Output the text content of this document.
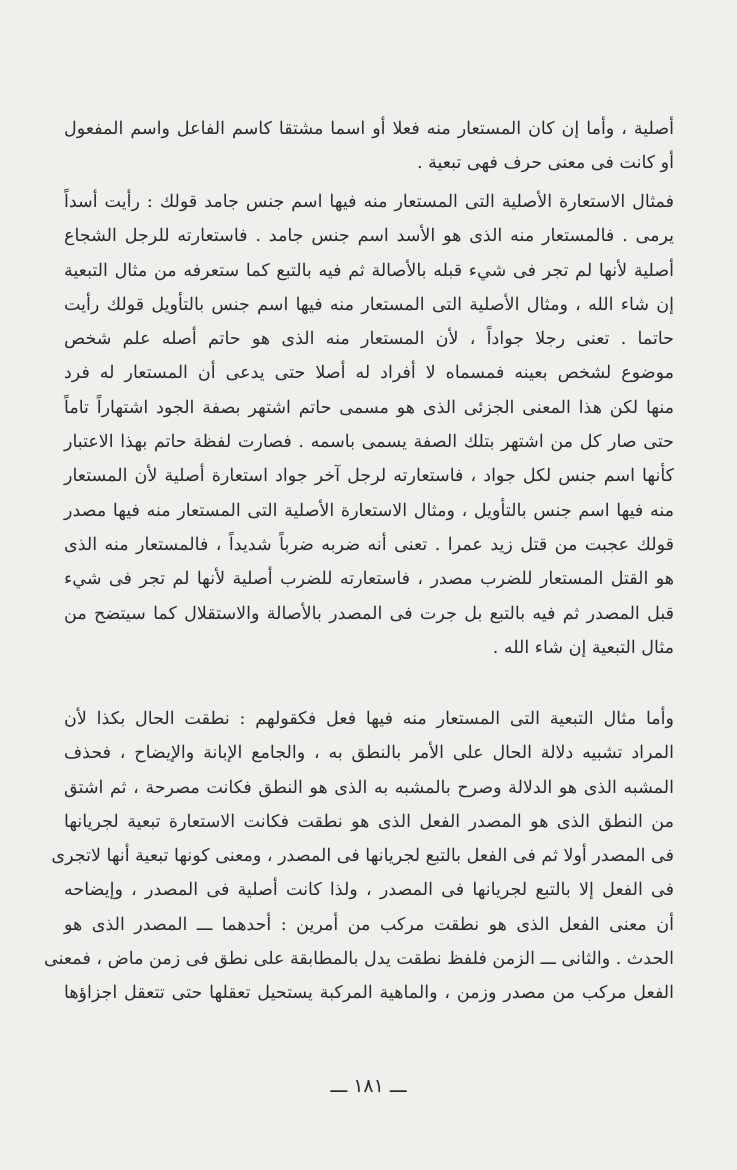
أصلية ، وأما إن كان المستعار منه فعلا أو اسما مشتقا كاسم الفاعل واسم المفعول
أو كانت فى معنى حرف فهى تبعية .
فمثال الاستعارة الأصلية التى المستعار منه فيها اسم جنس جامد قولك : رأيت أسداً
يرمى . فالمستعار منه الذى هو الأسد اسم جنس جامد . فاستعارته للرجل الشجاع
أصلية لأنها لم تجر فى شيء قبله بالأصالة ثم فيه بالتبع كما ستعرفه من مثال التبعية
إن شاء الله ، ومثال الأصلية التى المستعار منه فيها اسم جنس بالتأويل قولك رأيت
حاتما . تعنى رجلا جواداً ، لأن المستعار منه الذى هو حاتم أصله علم شخص
موضوع لشخص بعينه فمسماه لا أفراد له أصلا حتى يدعى أن المستعار له فرد
منها لكن هذا المعنى الجزئى الذى هو مسمى حاتم اشتهر بصفة الجود اشتهاراً تاماً
حتى صار كل من اشتهر بتلك الصفة يسمى باسمه . فصارت لفظة حاتم بهذا الاعتبار
كأنها اسم جنس لكل جواد ، فاستعارته لرجل آخر جواد استعارة أصلية لأن المستعار
منه فيها اسم جنس بالتأويل ، ومثال الاستعارة الأصلية التى المستعار منه فيها مصدر
قولك عجبت من قتل زيد عمرا . تعنى أنه ضربه ضرباً شديداً ، فالمستعار منه الذى
هو القتل المستعار للضرب مصدر ، فاستعارته للضرب أصلية لأنها لم تجر فى شيء
قبل المصدر ثم فيه بالتبع بل جرت فى المصدر بالأصالة والاستقلال كما سيتضح من
مثال التبعية إن شاء الله .
وأما مثال التبعية التى المستعار منه فيها فعل فكقولهم : نطقت الحال بكذا لأن
المراد تشبيه دلالة الحال على الأمر بالنطق به ، والجامع الإبانة والإيضاح ، فحذف
المشبه الذى هو الدلالة وصرح بالمشبه به الذى هو النطق فكانت مصرحة ، ثم اشتق
من النطق الذى هو المصدر الفعل الذى هو نطقت فكانت الاستعارة تبعية لجريانها
فى المصدر أولا ثم فى الفعل بالتبع لجريانها فى المصدر ، ومعنى كونها تبعية أنها لاتجرى
فى الفعل إلا بالتبع لجريانها فى المصدر ، ولذا كانت أصلية فى المصدر ، وإيضاحه
أن معنى الفعل الذى هو نطقت مركب من أمرين : أحدهما ـــ المصدر الذى هو
الحدث . والثانى ـــ الزمن فلفظ نطقت يدل بالمطابقة على نطق فى زمن ماض ، فمعنى
الفعل مركب من مصدر وزمن ، والماهية المركبة يستحيل تعقلها حتى تتعقل اجزاؤها
ـــ ١٨١ ـــ
